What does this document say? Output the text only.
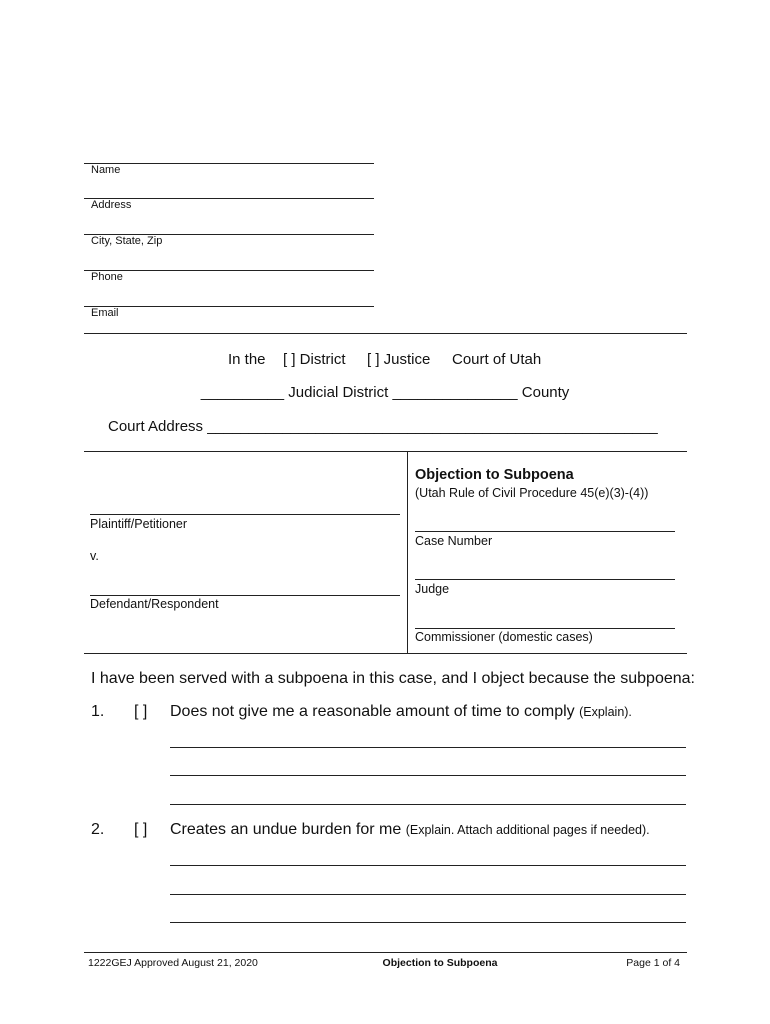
Name
Address
City, State, Zip
Phone
Email
In the [ ] District [ ] Justice Court of Utah
__________ Judicial District _______________ County
Court Address ______________________________________________________
Objection to Subpoena
(Utah Rule of Civil Procedure 45(e)(3)-(4))
Plaintiff/Petitioner
v.
Defendant/Respondent
Case Number
Judge
Commissioner (domestic cases)
I have been served with a subpoena in this case, and I object because the subpoena:
1. [ ] Does not give me a reasonable amount of time to comply (Explain).
2. [ ] Creates an undue burden for me (Explain. Attach additional pages if needed).
1222GEJ Approved August 21, 2020	Objection to Subpoena	Page 1 of 4
